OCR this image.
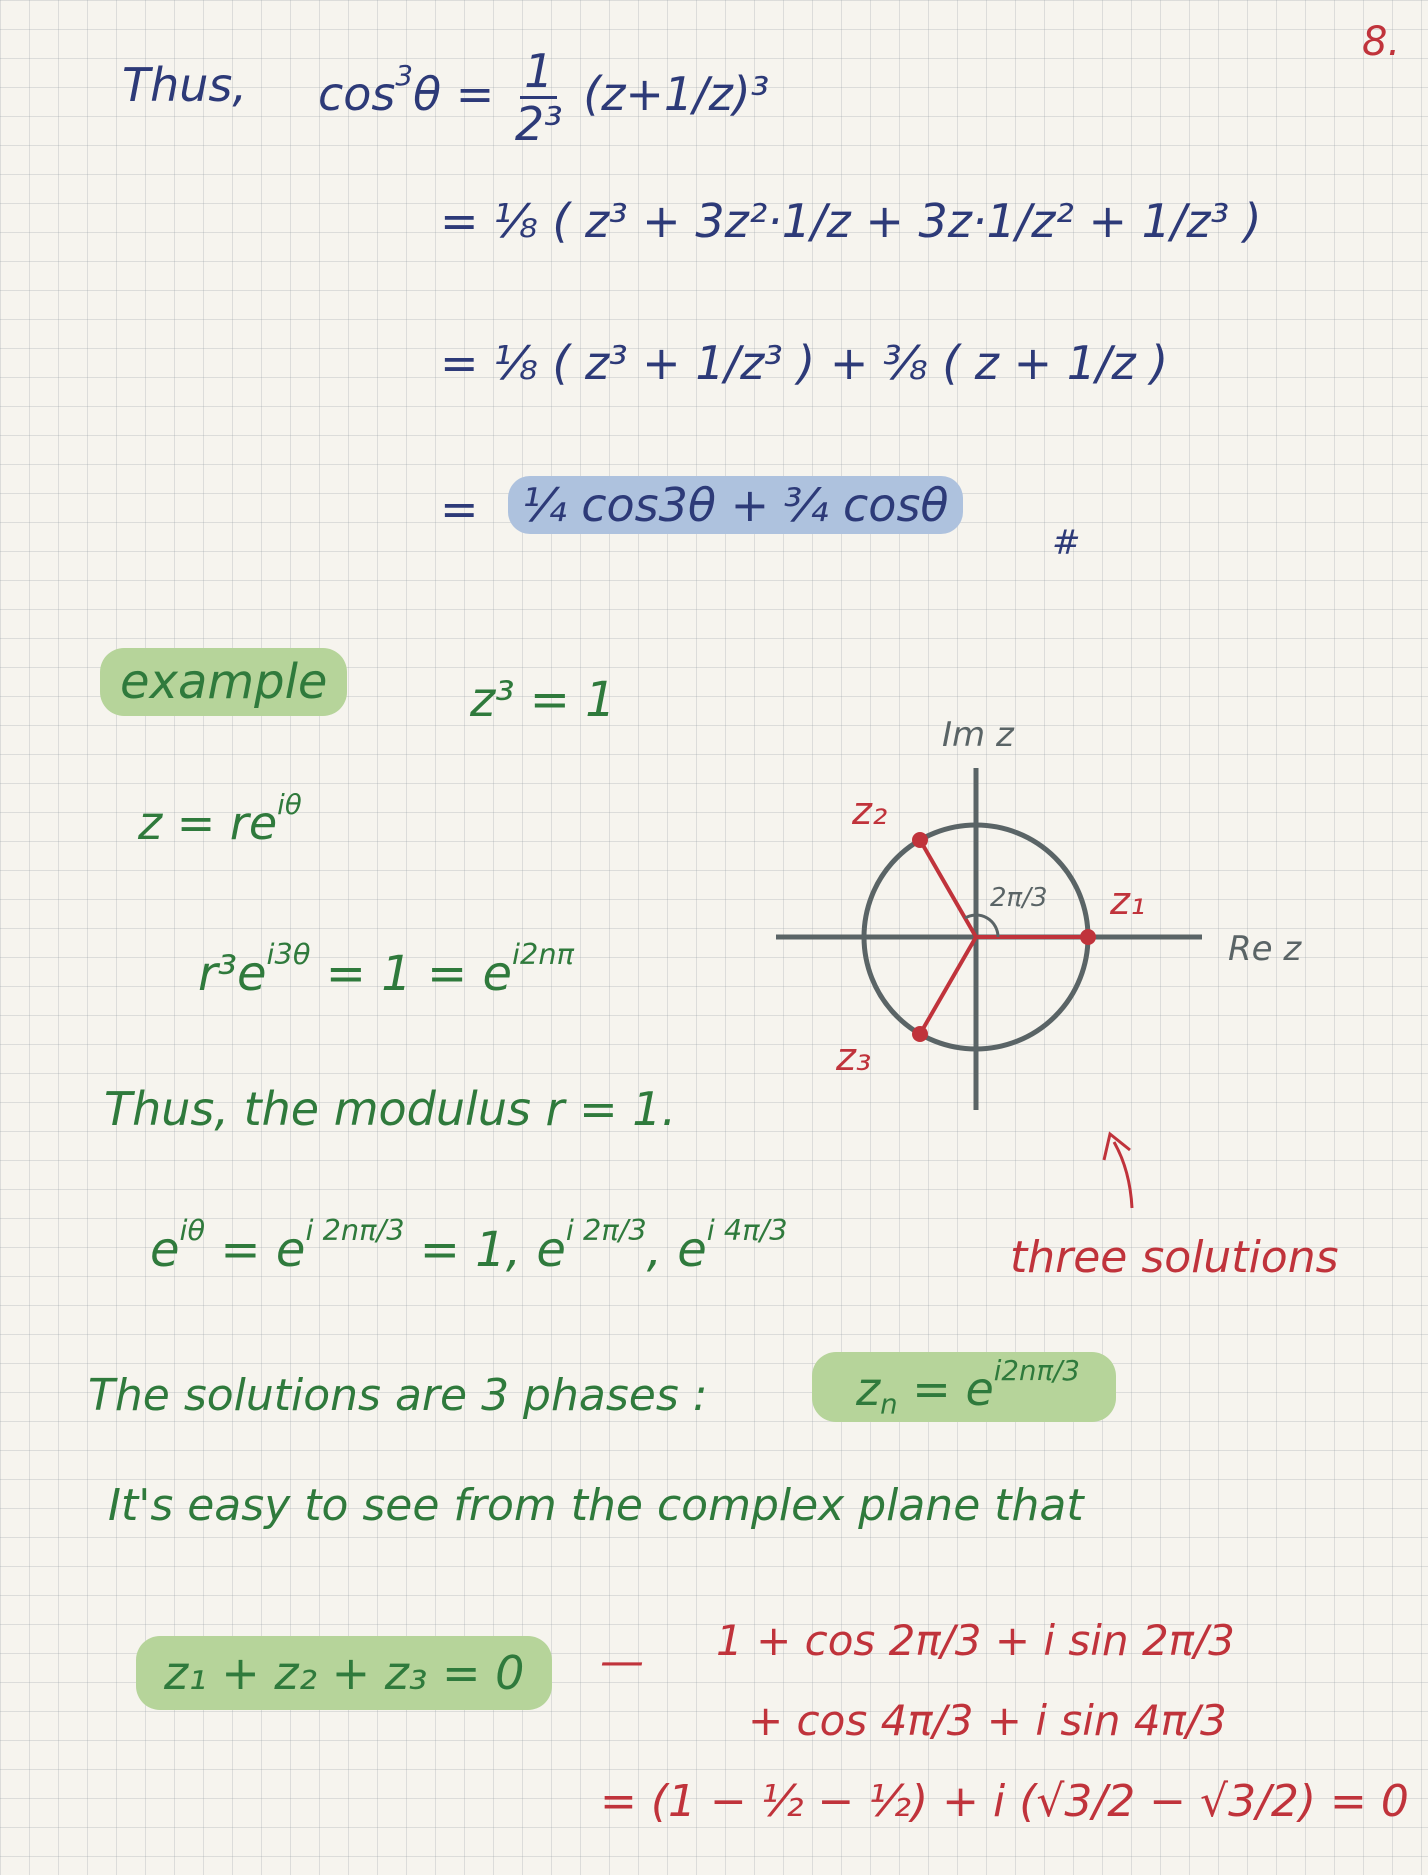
8.
Thus, $\cos^3\theta = \frac{1}{\text{2³}} (z+1/z)^3$
= ⅛ ( z³ + 3z²·1/z + 3z·1/z² + 1/z³ )
= ⅛ ( z³ + 1/z³ ) + ⅜ ( z + 1/z )
= ¼ cos3θ + ¾ cosθ
#
example	z³ = 1
$z = re^{i\theta}$
$r^3e^{i3\theta} = 1 = e^{i2n\pi}$
Thus, the modulus r = 1.
$e^{i\theta} = e^{i 2n\pi/3} = 1$, $e^{i 2\pi/3}$, $e^{i 4\pi/3}$
three solutions
The solutions are 3 phases :	$z_n = e^{i2n\pi/3}$
It's easy to see from the complex plane that
z₁ + z₂ + z₃ = 0	— 1 + cos 2π/3 + i sin 2π/3
+ cos 4π/3 + i sin 4π/3
= (1 − ½ − ½) + i (√3/2 − √3/2) = 0
Im z
Re z
2π/3 z₁
z₂
z₃
